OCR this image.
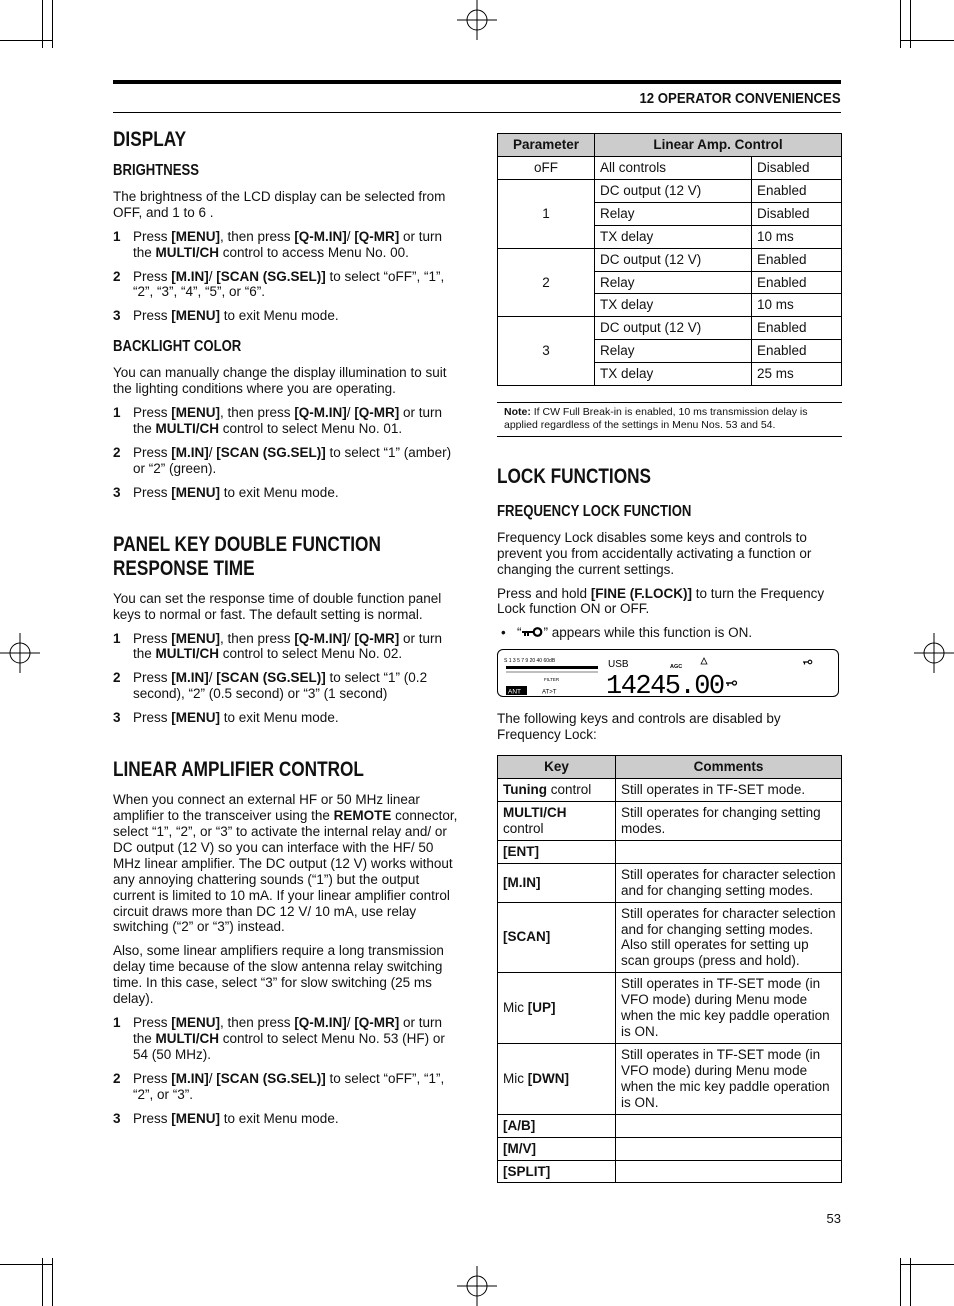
12 OPERATOR CONVENIENCES
DISPLAY
BRIGHTNESS

The brightness of the LCD display can be selected from OFF, and 1 to 6 .

1 Press [MENU], then press [Q-M.IN]/ [Q-MR] or turn the MULTI/CH control to access Menu No. 00.
2 Press [M.IN]/ [SCAN (SG.SEL)] to select “oFF”, “1”, “2”, “3”, “4”, “5”, or “6”.
3 Press [MENU] to exit Menu mode.
BACKLIGHT COLOR

You can manually change the display illumination to suit the lighting conditions where you are operating.

1 Press [MENU], then press [Q-M.IN]/ [Q-MR] or turn the MULTI/CH control to select Menu No. 01.
2 Press [M.IN]/ [SCAN (SG.SEL)] to select “1” (amber) or “2” (green).
3 Press [MENU] to exit Menu mode.
PANEL KEY DOUBLE FUNCTION RESPONSE TIME

You can set the response time of double function panel keys to normal or fast. The default setting is normal.

1 Press [MENU], then press [Q-M.IN]/ [Q-MR] or turn the MULTI/CH control to select Menu No. 02.
2 Press [M.IN]/ [SCAN (SG.SEL)] to select “1” (0.2 second), “2” (0.5 second) or “3” (1 second)
3 Press [MENU] to exit Menu mode.
LINEAR AMPLIFIER CONTROL

When you connect an external HF or 50 MHz linear amplifier to the transceiver using the REMOTE connector, select “1”, “2”, or “3” to activate the internal relay and/ or DC output (12 V) so you can interface with the HF/ 50 MHz linear amplifier. The DC output (12 V) works without any annoying chattering sounds (“1”) but the output current is limited to 10 mA. If your linear amplifier control circuit draws more than DC 12 V/ 10 mA, use relay switching (“2” or “3”) instead.

Also, some linear amplifiers require a long transmission delay time because of the slow antenna relay switching time. In this case, select “3” for slow switching (25 ms delay).

1 Press [MENU], then press [Q-M.IN]/ [Q-MR] or turn the MULTI/CH control to select Menu No. 53 (HF) or 54 (50 MHz).
2 Press [M.IN]/ [SCAN (SG.SEL)] to select “oFF”, “1”, “2”, or “3”.
3 Press [MENU] to exit Menu mode.
Parameter	Linear Amp. Control	
oFF	All controls	Disabled
1	DC output (12 V)	Enabled
	Relay	Disabled
	TX delay	10 ms
2	DC output (12 V)	Enabled
	Relay	Enabled
	TX delay	10 ms
3	DC output (12 V)	Enabled
	Relay	Enabled
	TX delay	25 ms
Note: If CW Full Break-in is enabled, 10 ms transmission delay is applied regardless of the settings in Menu Nos. 53 and 54.
LOCK FUNCTIONS
FREQUENCY LOCK FUNCTION

Frequency Lock disables some keys and controls to prevent you from accidentally activating a function or changing the current settings.

Press and hold [FINE (F.LOCK)] to turn the Frequency Lock function ON or OFF.

•   “ ” appears while this function is ON.

S 1 3 5 7 9 20 40 60dB
FILTER
ANT	AT>T
USB	AGC
14245.00

The following keys and controls are disabled by Frequency Lock:

Key	Comments
Tuning control	Still operates in TF-SET mode.
MULTI/CH control	Still operates for changing setting modes.
[ENT]	
[M.IN]	Still operates for character selection and for changing setting modes.
[SCAN]	Still operates for character selection and for changing setting modes. Also still operates for setting up scan groups (press and hold).
Mic [UP]	Still operates in TF-SET mode (in VFO mode) during Menu mode when the mic key paddle operation is ON.
Mic [DWN]	Still operates in TF-SET mode (in VFO mode) during Menu mode when the mic key paddle operation is ON.
[A/B]	
[M/V]	
[SPLIT]	
53
